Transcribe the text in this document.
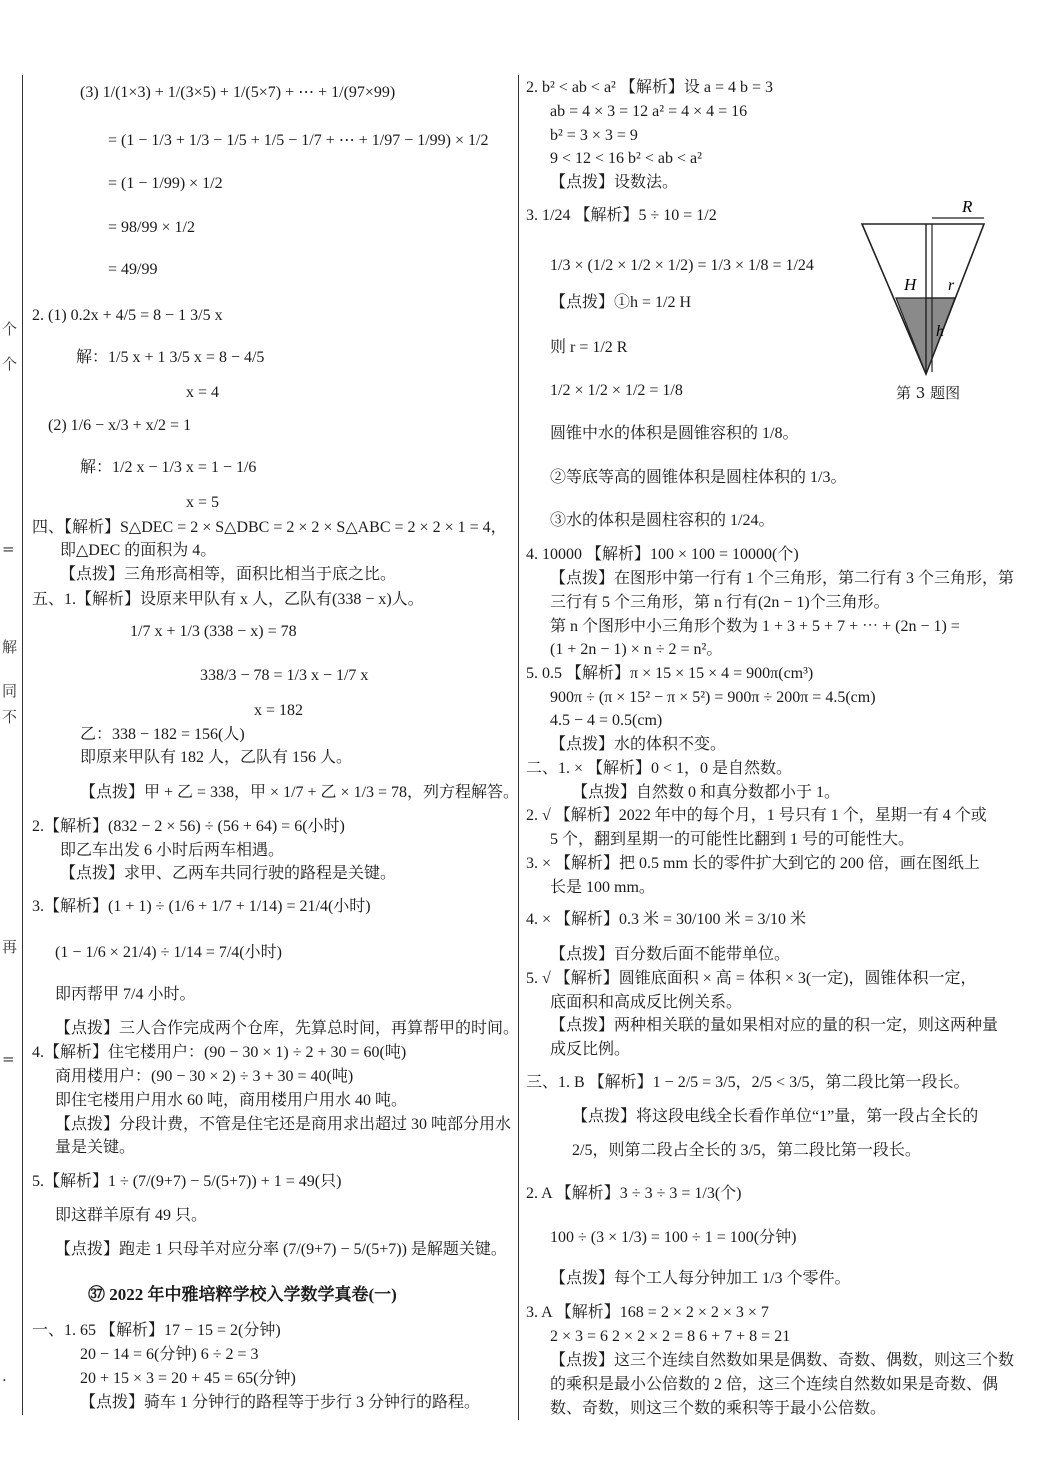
个
个
=
解
同
不
再
=
.
(3) 1/(1×3) + 1/(3×5) + 1/(5×7) + ⋯ + 1/(97×99)
= (1 − 1/3 + 1/3 − 1/5 + 1/5 − 1/7 + ⋯ + 1/97 − 1/99) × 1/2
= (1 − 1/99) × 1/2
= 98/99 × 1/2
= 49/99
2. (1) 0.2x + 4/5 = 8 − 1 3/5 x
解：1/5 x + 1 3/5 x = 8 − 4/5
x = 4
(2) 1/6 − x/3 + x/2 = 1
解：1/2 x − 1/3 x = 1 − 1/6
x = 5
四、【解析】S△DEC = 2 × S△DBC = 2 × 2 × S△ABC = 2 × 2 × 1 = 4，
即△DEC 的面积为 4。
【点拨】三角形高相等，面积比相当于底之比。
五、1.【解析】设原来甲队有 x 人，乙队有(338 − x)人。
1/7 x + 1/3 (338 − x) = 78
338/3 − 78 = 1/3 x − 1/7 x
x = 182
乙：338 − 182 = 156(人)
即原来甲队有 182 人，乙队有 156 人。
【点拨】甲 + 乙 = 338，甲 × 1/7 + 乙 × 1/3 = 78，列方程解答。
2.【解析】(832 − 2 × 56) ÷ (56 + 64) = 6(小时)
即乙车出发 6 小时后两车相遇。
【点拨】求甲、乙两车共同行驶的路程是关键。
3.【解析】(1 + 1) ÷ (1/6 + 1/7 + 1/14) = 21/4(小时)
(1 − 1/6 × 21/4) ÷ 1/14 = 7/4(小时)
即丙帮甲 7/4 小时。
【点拨】三人合作完成两个仓库，先算总时间，再算帮甲的时间。
4.【解析】住宅楼用户：(90 − 30 × 1) ÷ 2 + 30 = 60(吨)
商用楼用户：(90 − 30 × 2) ÷ 3 + 30 = 40(吨)
即住宅楼用户用水 60 吨，商用楼用户用水 40 吨。
【点拨】分段计费，不管是住宅还是商用求出超过 30 吨部分用水
量是关键。
5.【解析】1 ÷ (7/(9+7) − 5/(5+7)) + 1 = 49(只)
即这群羊原有 49 只。
【点拨】跑走 1 只母羊对应分率 (7/(9+7) − 5/(5+7)) 是解题关键。
㊲ 2022 年中雅培粹学校入学数学真卷(一)
一、1. 65 【解析】17 − 15 = 2(分钟)
20 − 14 = 6(分钟) 6 ÷ 2 = 3
20 + 15 × 3 = 20 + 45 = 65(分钟)
【点拨】骑车 1 分钟行的路程等于步行 3 分钟行的路程。
2. b² < ab < a² 【解析】设 a = 4 b = 3
ab = 4 × 3 = 12 a² = 4 × 4 = 16
b² = 3 × 3 = 9
9 < 12 < 16 b² < ab < a²
【点拨】设数法。
3. 1/24 【解析】5 ÷ 10 = 1/2
1/3 × (1/2 × 1/2 × 1/2) = 1/3 × 1/8 = 1/24
【点拨】①h = 1/2 H
则 r = 1/2 R
1/2 × 1/2 × 1/2 = 1/8
圆锥中水的体积是圆锥容积的 1/8。
②等底等高的圆锥体积是圆柱体积的 1/3。
③水的体积是圆柱容积的 1/24。
4. 10000 【解析】100 × 100 = 10000(个)
【点拨】在图形中第一行有 1 个三角形，第二行有 3 个三角形，第
三行有 5 个三角形，第 n 行有(2n − 1)个三角形。
第 n 个图形中小三角形个数为 1 + 3 + 5 + 7 + ⋯ + (2n − 1) =
(1 + 2n − 1) × n ÷ 2 = n²。
5. 0.5 【解析】π × 15 × 15 × 4 = 900π(cm³)
900π ÷ (π × 15² − π × 5²) = 900π ÷ 200π = 4.5(cm)
4.5 − 4 = 0.5(cm)
【点拨】水的体积不变。
二、1. × 【解析】0 < 1，0 是自然数。
【点拨】自然数 0 和真分数都小于 1。
2. √ 【解析】2022 年中的每个月，1 号只有 1 个，星期一有 4 个或
5 个，翻到星期一的可能性比翻到 1 号的可能性大。
3. × 【解析】把 0.5 mm 长的零件扩大到它的 200 倍，画在图纸上
长是 100 mm。
4. × 【解析】0.3 米 = 30/100 米 = 3/10 米
【点拨】百分数后面不能带单位。
5. √ 【解析】圆锥底面积 × 高 = 体积 × 3(一定)，圆锥体积一定，
底面积和高成反比例关系。
【点拨】两种相关联的量如果相对应的量的积一定，则这两种量
成反比例。
三、1. B 【解析】1 − 2/5 = 3/5，2/5 < 3/5，第二段比第一段长。
【点拨】将这段电线全长看作单位“1”量，第一段占全长的
2/5，则第二段占全长的 3/5，第二段比第一段长。
2. A 【解析】3 ÷ 3 ÷ 3 = 1/3(个)
100 ÷ (3 × 1/3) = 100 ÷ 1 = 100(分钟)
【点拨】每个工人每分钟加工 1/3 个零件。
3. A 【解析】168 = 2 × 2 × 2 × 3 × 7
2 × 3 = 6 2 × 2 × 2 = 8 6 + 7 + 8 = 21
【点拨】这三个连续自然数如果是偶数、奇数、偶数，则这三个数
的乘积是最小公倍数的 2 倍，这三个连续自然数如果是奇数、偶
数、奇数，则这三个数的乘积等于最小公倍数。
R
H r
h
第 3 题图
